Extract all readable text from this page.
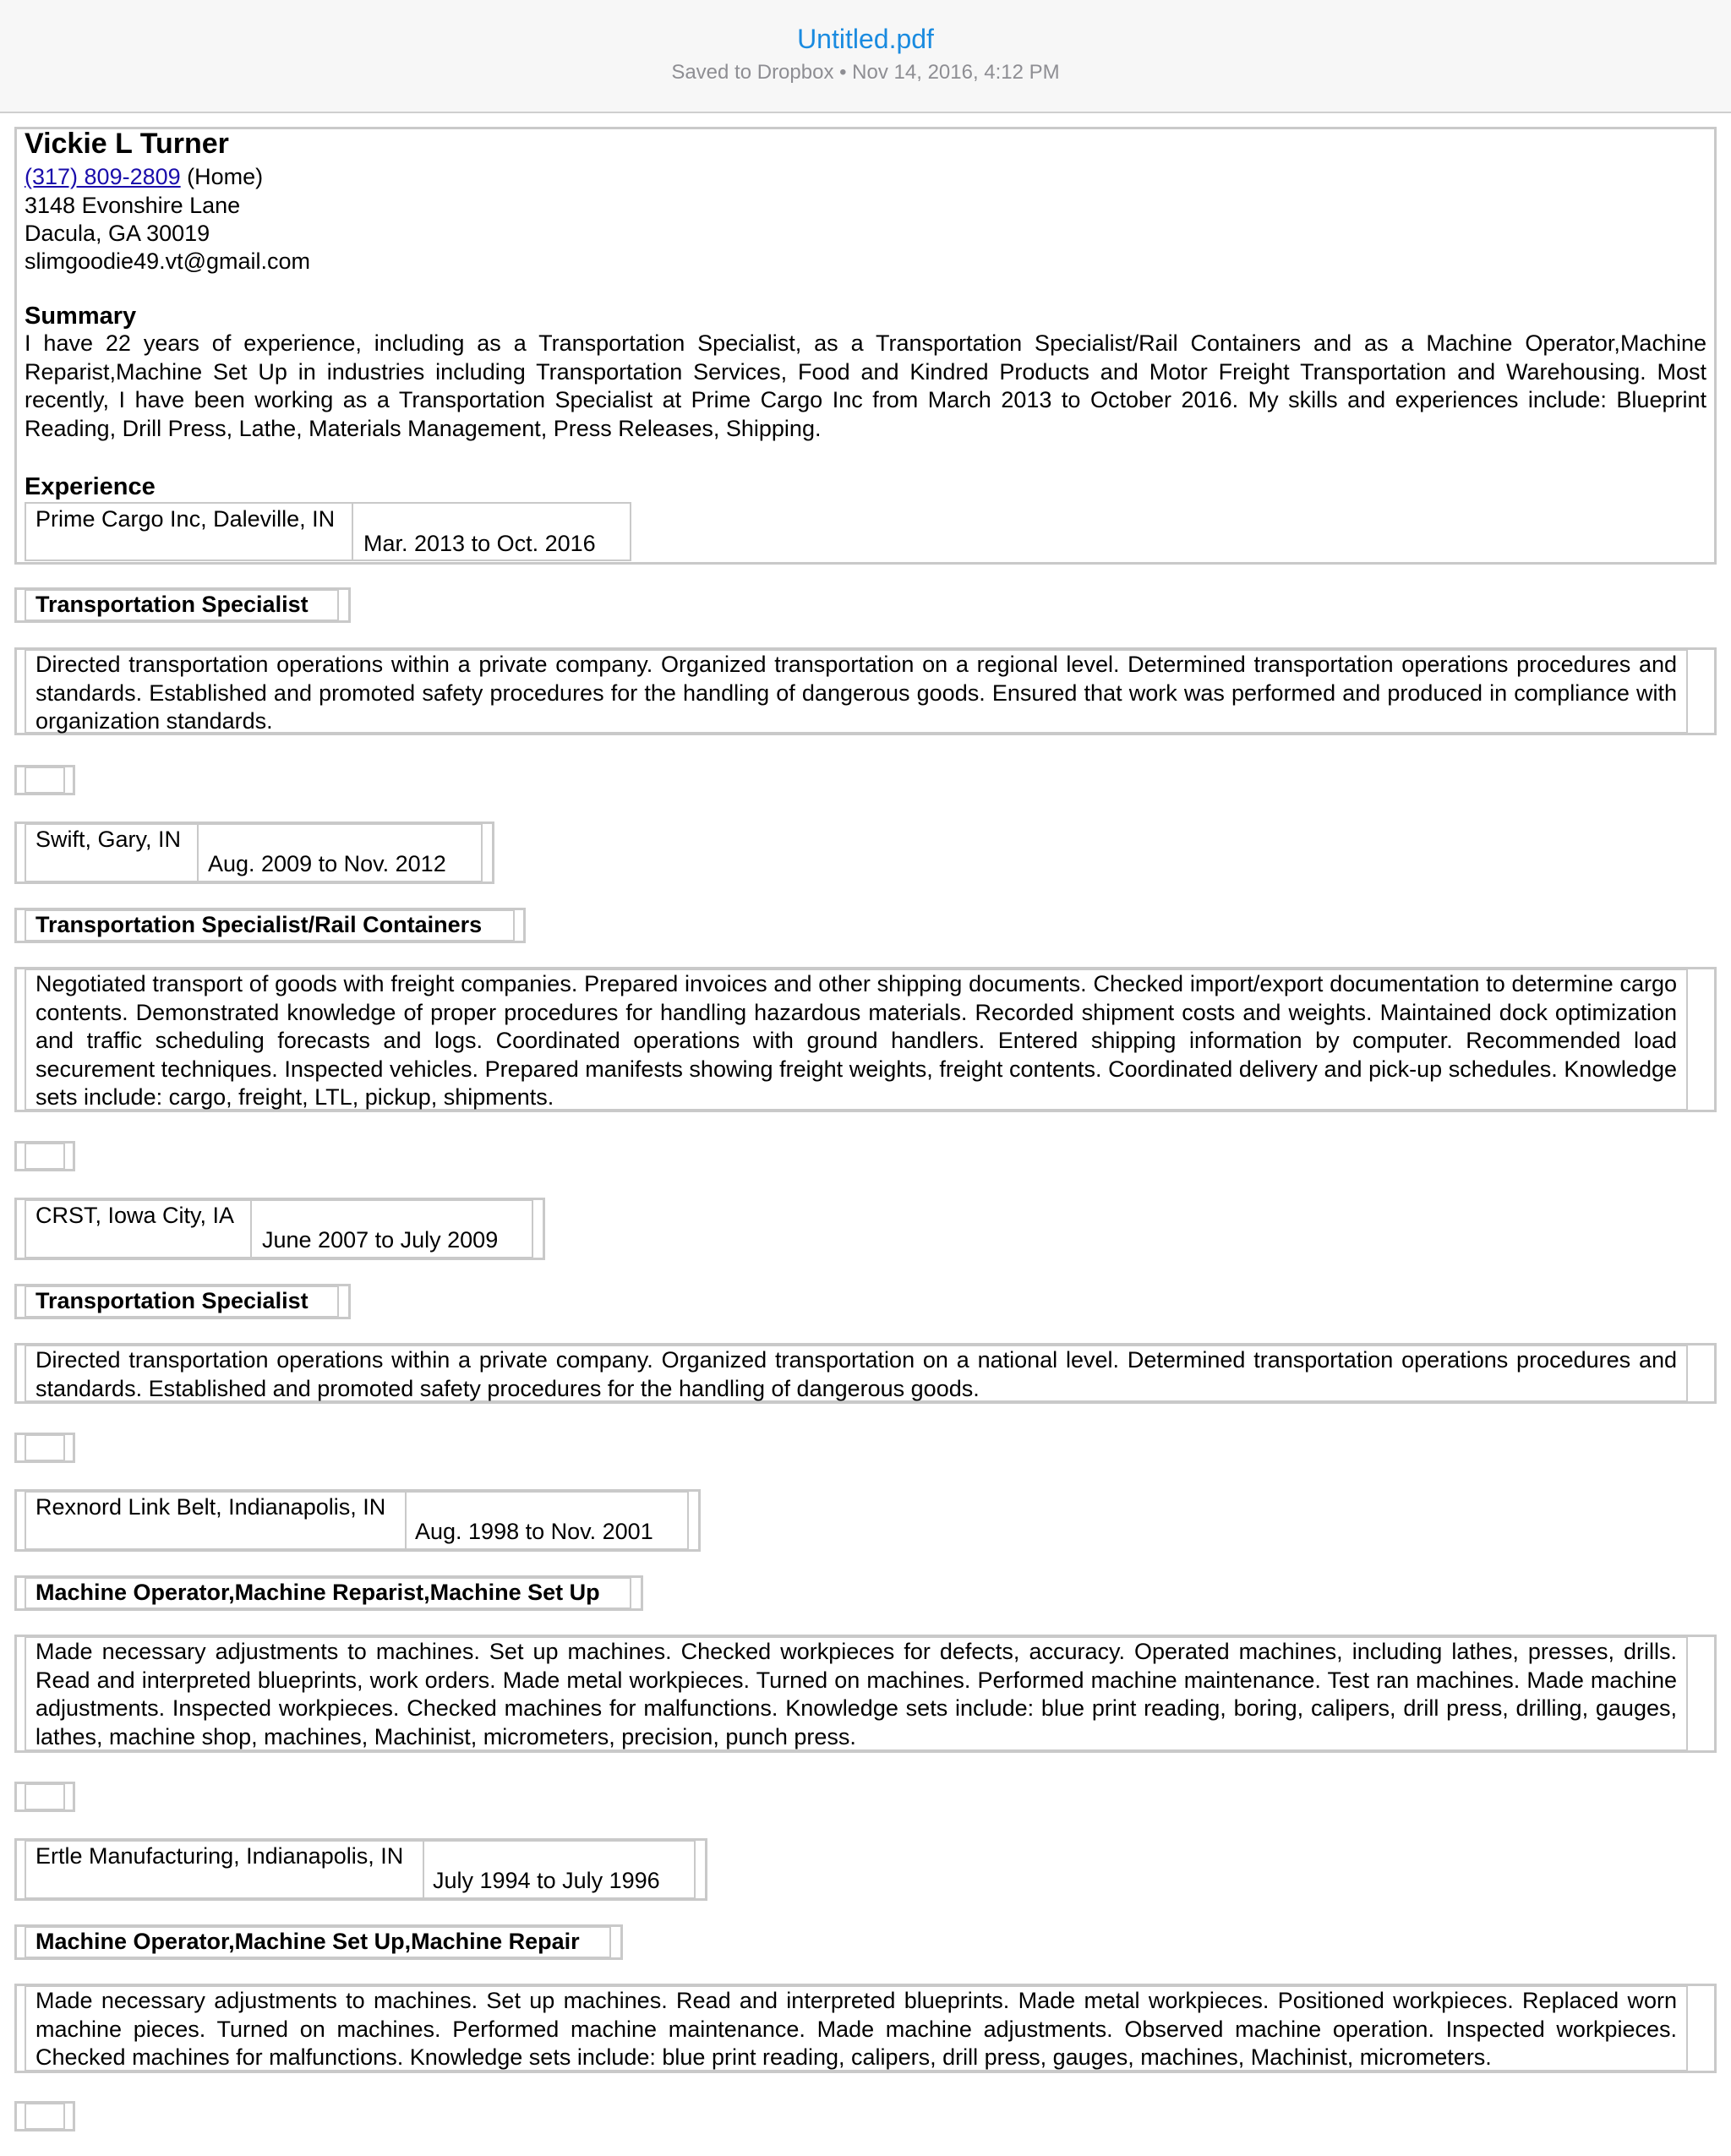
Untitled.pdf
Saved to Dropbox • Nov 14, 2016, 4:12 PM
Vickie L Turner
(317) 809-2809 (Home)
3148 Evonshire Lane
Dacula, GA 30019
slimgoodie49.vt@gmail.com
Summary
I have 22 years of experience, including as a Transportation Specialist, as a Transportation Specialist/Rail Containers and as a Machine Operator,Machine Reparist,Machine Set Up in industries including Transportation Services, Food and Kindred Products and Motor Freight Transportation and Warehousing. Most recently, I have been working as a Transportation Specialist at Prime Cargo Inc from March 2013 to October 2016. My skills and experiences include: Blueprint Reading, Drill Press, Lathe, Materials Management, Press Releases, Shipping.
Experience
Prime Cargo Inc, Daleville, IN
Mar. 2013 to Oct. 2016
Transportation Specialist
Directed transportation operations within a private company. Organized transportation on a regional level. Determined transportation operations procedures and standards. Established and promoted safety procedures for the handling of dangerous goods. Ensured that work was performed and produced in compliance with organization standards.
Swift, Gary, IN
Aug. 2009 to Nov. 2012
Transportation Specialist/Rail Containers
Negotiated transport of goods with freight companies. Prepared invoices and other shipping documents. Checked import/export documentation to determine cargo contents. Demonstrated knowledge of proper procedures for handling hazardous materials. Recorded shipment costs and weights. Maintained dock optimization and traffic scheduling forecasts and logs. Coordinated operations with ground handlers. Entered shipping information by computer. Recommended load securement techniques. Inspected vehicles. Prepared manifests showing freight weights, freight contents. Coordinated delivery and pick-up schedules. Knowledge sets include: cargo, freight, LTL, pickup, shipments.
CRST, Iowa City, IA
June 2007 to July 2009
Transportation Specialist
Directed transportation operations within a private company. Organized transportation on a national level. Determined transportation operations procedures and standards. Established and promoted safety procedures for the handling of dangerous goods.
Rexnord Link Belt, Indianapolis, IN
Aug. 1998 to Nov. 2001
Machine Operator,Machine Reparist,Machine Set Up
Made necessary adjustments to machines. Set up machines. Checked workpieces for defects, accuracy. Operated machines, including lathes, presses, drills. Read and interpreted blueprints, work orders. Made metal workpieces. Turned on machines. Performed machine maintenance. Test ran machines. Made machine adjustments. Inspected workpieces. Checked machines for malfunctions. Knowledge sets include: blue print reading, boring, calipers, drill press, drilling, gauges, lathes, machine shop, machines, Machinist, micrometers, precision, punch press.
Ertle Manufacturing, Indianapolis, IN
July 1994 to July 1996
Machine Operator,Machine Set Up,Machine Repair
Made necessary adjustments to machines. Set up machines. Read and interpreted blueprints. Made metal workpieces. Positioned workpieces. Replaced worn machine pieces. Turned on machines. Performed machine maintenance. Made machine adjustments. Observed machine operation. Inspected workpieces. Checked machines for malfunctions. Knowledge sets include: blue print reading, calipers, drill press, gauges, machines, Machinist, micrometers.
